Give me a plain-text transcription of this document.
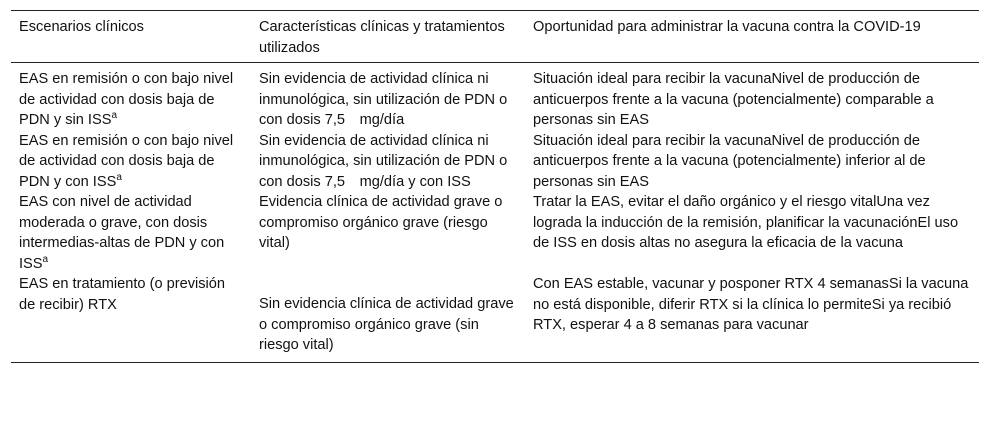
Escenarios clínicos	Características clínicas y tratamientos utilizados	Oportunidad para administrar la vacuna contra la COVID-19
EAS en remisión o con bajo nivel de actividad con dosis baja de PDN y sin ISS$^a$	Sin evidencia de actividad clínica ni inmunológica, sin utilización de PDN o con dosis 7,5 mg/día	Situación ideal para recibir la vacunaNivel de producción de anticuerpos frente a la vacuna (potencialmente) comparable a personas sin EAS
EAS en remisión o con bajo nivel de actividad con dosis baja de PDN y con ISS$^a$	Sin evidencia de actividad clínica ni inmunológica, sin utilización de PDN o con dosis 7,5 mg/día y con ISS	Situación ideal para recibir la vacunaNivel de producción de anticuerpos frente a la vacuna (potencialmente) inferior al de personas sin EAS
EAS con nivel de actividad moderada o grave, con dosis intermedias-altas de PDN y con ISS$^a$	Evidencia clínica de actividad grave o compromiso orgánico grave (riesgo vital)	Tratar la EAS, evitar el daño orgánico y el riesgo vitalUna vez lograda la inducción de la remisión, planificar la vacunaciónEl uso de ISS en dosis altas no asegura la eficacia de la vacuna
EAS en tratamiento (o previsión de recibir) RTX	Sin evidencia clínica de actividad grave o compromiso orgánico grave (sin riesgo vital)	Con EAS estable, vacunar y posponer RTX 4 semanasSi la vacuna no está disponible, diferir RTX si la clínica lo permiteSi ya recibió RTX, esperar 4 a 8 semanas para vacunar
